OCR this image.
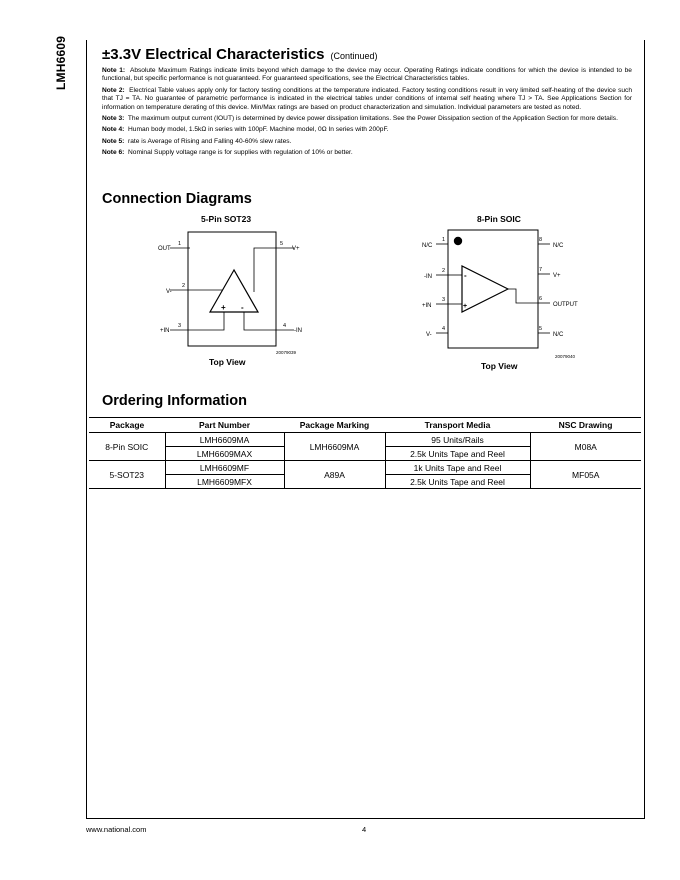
LMH6609 ±3.3V Electrical Characteristics (Continued)
Note 1: Absolute Maximum Ratings indicate limits beyond which damage to the device may occur. Operating Ratings indicate conditions for which the device is intended to be functional, but specific performance is not guaranteed. For guaranteed specifications, see the Electrical Characteristics tables.
Note 2: Electrical Table values apply only for factory testing conditions at the temperature indicated. Factory testing conditions result in very limited self-heating of the device such that TJ = TA. No guarantee of parametric performance is indicated in the electrical tables under conditions of internal self heating where TJ > TA. See Applications Section for information on temperature derating of this device. Min/Max ratings are based on product characterization and simulation. Individual parameters are tested as noted.
Note 3: The maximum output current (IOUT) is determined by device power dissipation limitations. See the Power Dissipation section of the Application Section for more details.
Note 4: Human body model, 1.5kΩ in series with 100pF. Machine model, 0Ω In series with 200pF.
Note 5: rate is Average of Rising and Falling 40-60% slew rates.
Note 6: Nominal Supply voltage range is for supplies with regulation of 10% or better.
Connection Diagrams
5-Pin SOT23
OUT
1
V-
2
+IN
3
-IN
4
V+
5
+ -
20079039
Top View
8-Pin SOIC
N/C
1
-IN
2
+IN
3
V-
4
N/C
8
V+
7
OUTPUT
6
N/C
5
-
+
20079040
Top View
Ordering Information
Package	Part Number	Package Marking	Transport Media	NSC Drawing
8-Pin SOIC	LMH6609MA	LMH6609MA	95 Units/Rails	M08A
	LMH6609MAX		2.5k Units Tape and Reel	
5-SOT23	LMH6609MF	A89A	1k Units Tape and Reel	MF05A
	LMH6609MFX		2.5k Units Tape and Reel	
www.national.com	4
